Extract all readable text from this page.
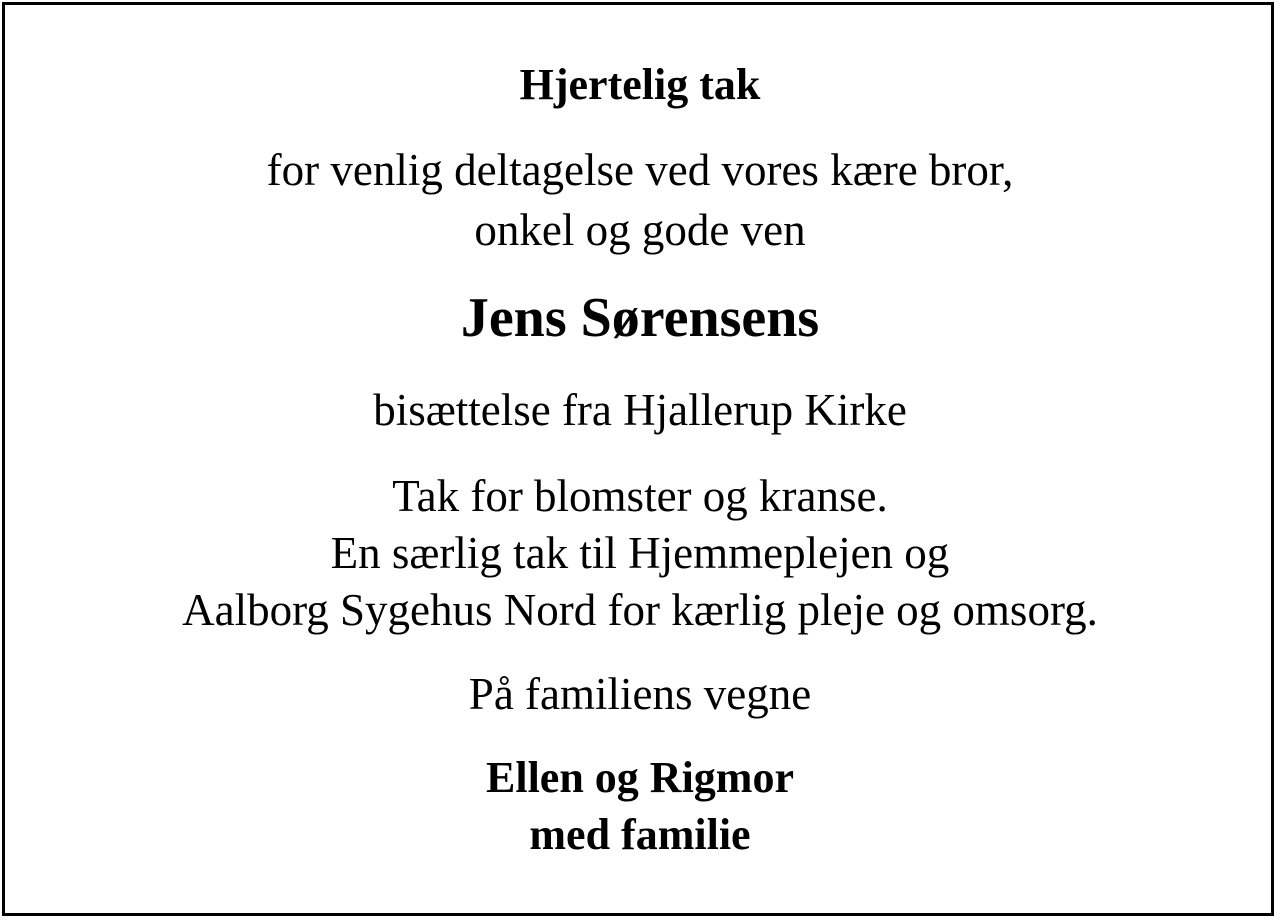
Hjertelig tak
for venlig deltagelse ved vores kære bror,
onkel og gode ven
Jens Sørensens
bisættelse fra Hjallerup Kirke
Tak for blomster og kranse.
En særlig tak til Hjemmeplejen og
Aalborg Sygehus Nord for kærlig pleje og omsorg.
På familiens vegne
Ellen og Rigmor
med familie
